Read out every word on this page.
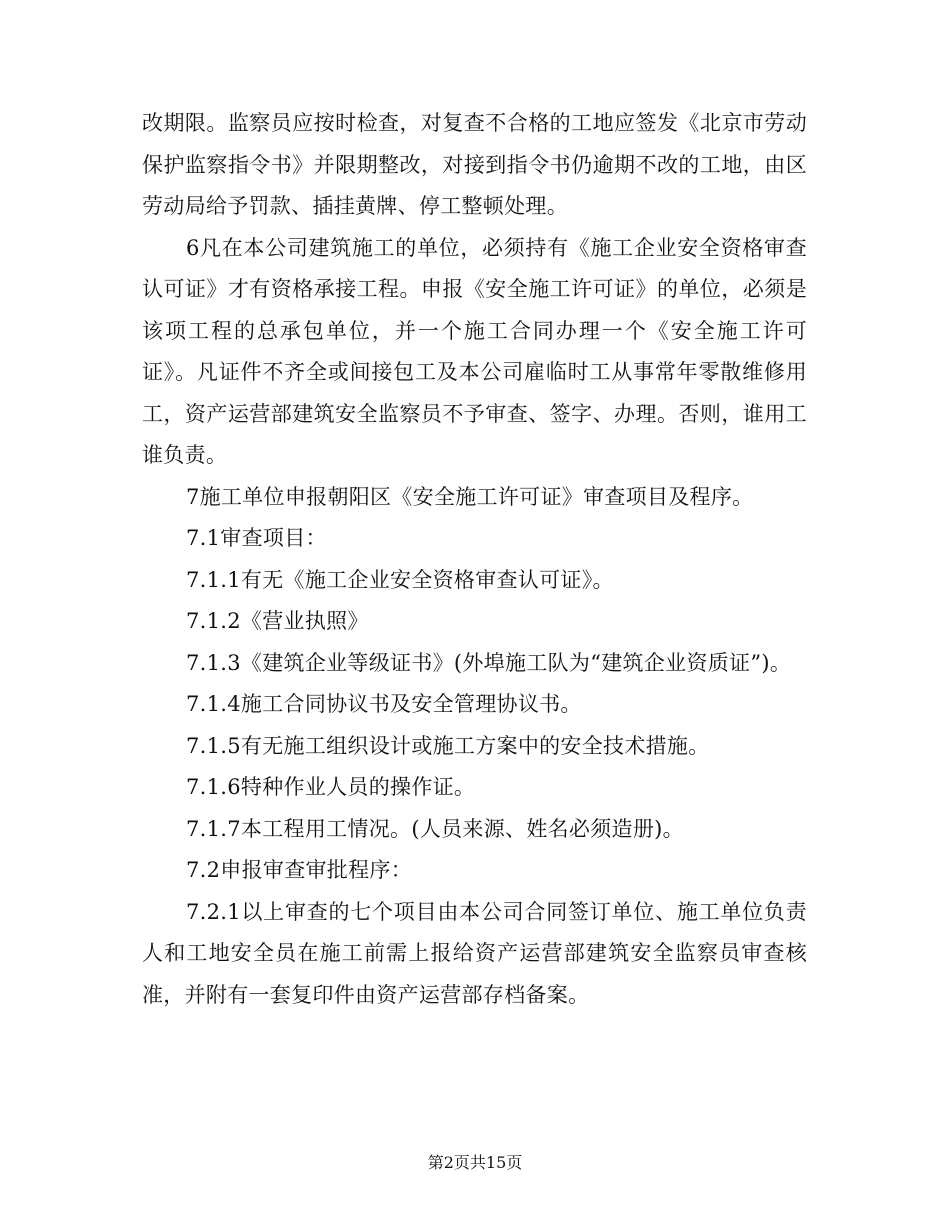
改期限。监察员应按时检查，对复查不合格的工地应签发《北京市劳动保护监察指令书》并限期整改，对接到指令书仍逾期不改的工地，由区劳动局给予罚款、插挂黄牌、停工整顿处理。

6凡在本公司建筑施工的单位，必须持有《施工企业安全资格审查认可证》才有资格承接工程。申报《安全施工许可证》的单位，必须是该项工程的总承包单位，并一个施工合同办理一个《安全施工许可证》。凡证件不齐全或间接包工及本公司雇临时工从事常年零散维修用工，资产运营部建筑安全监察员不予审查、签字、办理。否则，谁用工谁负责。

7施工单位申报朝阳区《安全施工许可证》审查项目及程序。

7.1审查项目：

7.1.1有无《施工企业安全资格审查认可证》。

7.1.2《营业执照》

7.1.3《建筑企业等级证书》(外埠施工队为“建筑企业资质证”)。

7.1.4施工合同协议书及安全管理协议书。

7.1.5有无施工组织设计或施工方案中的安全技术措施。

7.1.6特种作业人员的操作证。

7.1.7本工程用工情况。(人员来源、姓名必须造册)。

7.2申报审查审批程序：

7.2.1以上审查的七个项目由本公司合同签订单位、施工单位负责人和工地安全员在施工前需上报给资产运营部建筑安全监察员审查核准，并附有一套复印件由资产运营部存档备案。

第2页共15页
